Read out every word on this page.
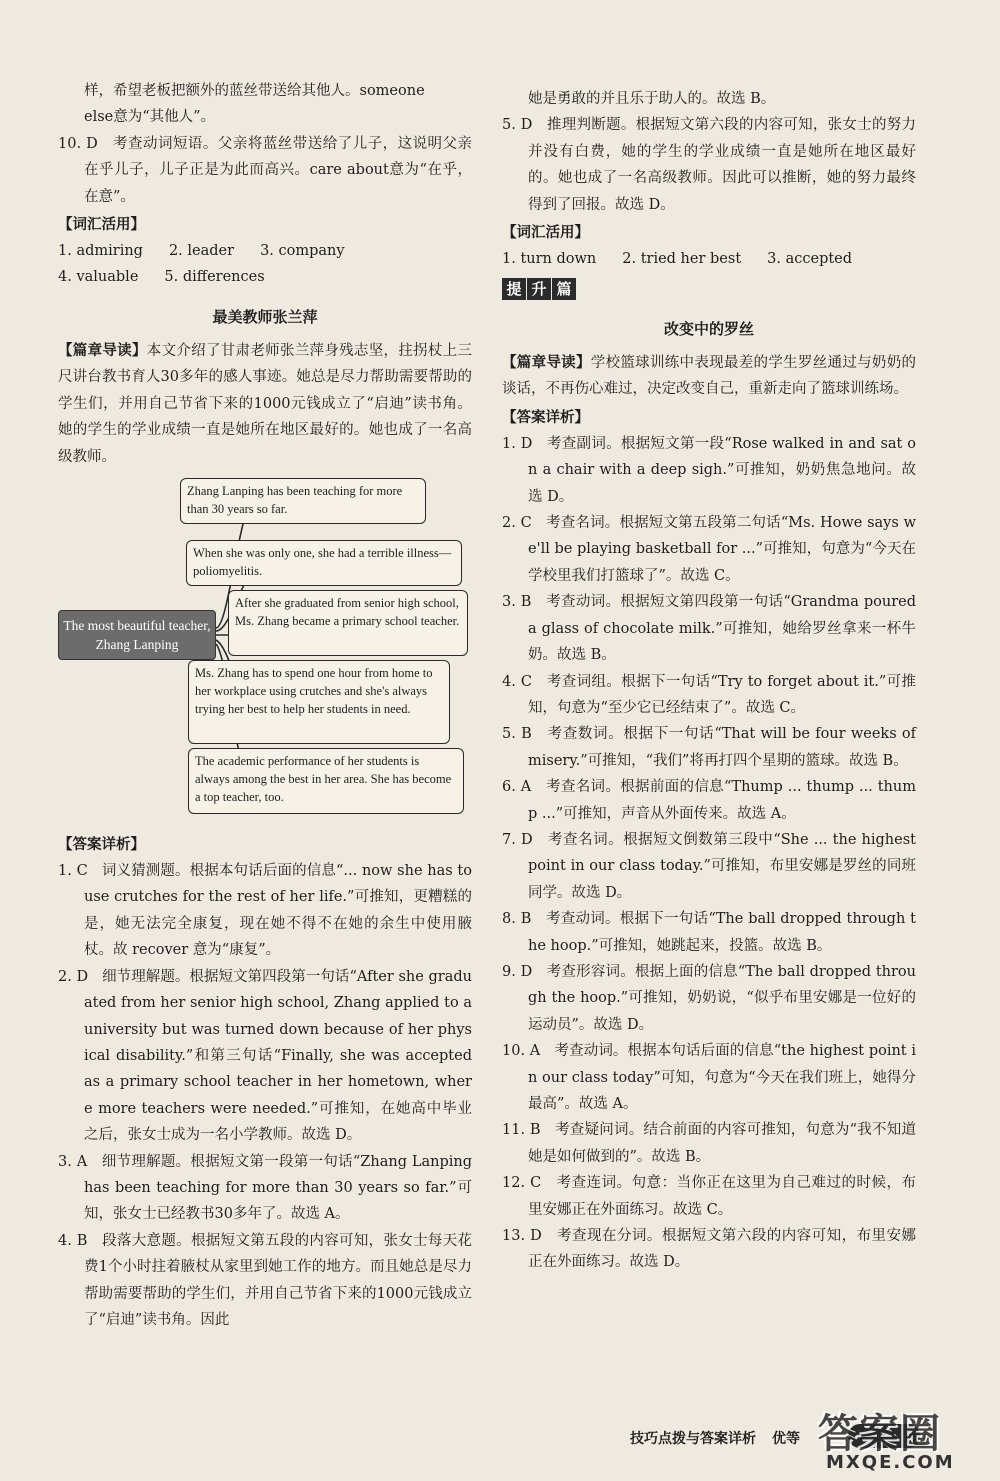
样，希望老板把额外的蓝丝带送给其他人。someone

else意为“其他人”。

10. D 考查动词短语。父亲将蓝丝带送给了儿子，这说明父亲在乎儿子，儿子正是为此而高兴。care about意为“在乎，在意”。

【词汇活用】

1. admiring 2. leader 3. company
4. valuable 5. differences
最美教师张兰萍

【篇章导读】本文介绍了甘肃老师张兰萍身残志坚，拄拐杖上三尺讲台教书育人30多年的感人事迹。她总是尽力帮助需要帮助的学生们，并用自己节省下来的1000元钱成立了“启迪”读书角。她的学生的学业成绩一直是她所在地区最好的。她也成了一名高级教师。

The most beautiful teacher, Zhang Lanping
Zhang Lanping has been teaching for more than 30 years so far.
When she was only one, she had a terrible illness— poliomyelitis.
After she graduated from senior high school, Ms. Zhang became a primary school teacher.
Ms. Zhang has to spend one hour from home to her workplace using crutches and she's always trying her best to help her students in need.
The academic performance of her students is always among the best in her area. She has become a top teacher, too.

【答案详析】

1. C 词义猜测题。根据本句话后面的信息“... now she has to use crutches for the rest of her life.”可推知，更糟糕的是，她无法完全康复，现在她不得不在她的余生中使用腋杖。故 recover 意为“康复”。

2. D 细节理解题。根据短文第四段第一句话“After she graduated from her senior high school, Zhang applied to a university but was turned down because of her physical disability.”和第三句话“Finally, she was accepted as a primary school teacher in her hometown, where more teachers were needed.”可推知，在她高中毕业之后，张女士成为一名小学教师。故选 D。

3. A 细节理解题。根据短文第一段第一句话“Zhang Lanping has been teaching for more than 30 years so far.”可知，张女士已经教书30多年了。故选 A。

4. B 段落大意题。根据短文第五段的内容可知，张女士每天花费1个小时拄着腋杖从家里到她工作的地方。而且她总是尽力帮助需要帮助的学生们，并用自己节省下来的1000元钱成立了“启迪”读书角。因此

她是勇敢的并且乐于助人的。故选 B。

5. D 推理判断题。根据短文第六段的内容可知，张女士的努力并没有白费，她的学生的学业成绩一直是她所在地区最好的。她也成了一名高级教师。因此可以推断，她的努力最终得到了回报。故选 D。

【词汇活用】

1. turn down 2. tried her best 3. accepted
提 升 篇
改变中的罗丝

【篇章导读】学校篮球训练中表现最差的学生罗丝通过与奶奶的谈话，不再伤心难过，决定改变自己，重新走向了篮球训练场。

【答案详析】

1. D 考查副词。根据短文第一段“Rose walked in and sat on a chair with a deep sigh.”可推知，奶奶焦急地问。故选 D。

2. C 考查名词。根据短文第五段第二句话“Ms. Howe says we'll be playing basketball for ...”可推知，句意为“今天在学校里我们打篮球了”。故选 C。

3. B 考查动词。根据短文第四段第一句话“Grandma poured a glass of chocolate milk.”可推知，她给罗丝拿来一杯牛奶。故选 B。

4. C 考查词组。根据下一句话“Try to forget about it.”可推知，句意为“至少它已经结束了”。故选 C。

5. B 考查数词。根据下一句话“That will be four weeks of misery.”可推知，“我们”将再打四个星期的篮球。故选 B。

6. A 考查名词。根据前面的信息“Thump ... thump ... thump ...”可推知，声音从外面传来。故选 A。

7. D 考查名词。根据短文倒数第三段中“She ... the highest point in our class today.”可推知，布里安娜是罗丝的同班同学。故选 D。

8. B 考查动词。根据下一句话“The ball dropped through the hoop.”可推知，她跳起来，投篮。故选 B。

9. D 考查形容词。根据上面的信息“The ball dropped through the hoop.”可推知，奶奶说，“似乎布里安娜是一位好的运动员”。故选 D。

10. A 考查动词。根据本句话后面的信息“the highest point in our class today”可知，句意为“今天在我们班上，她得分最高”。故选 A。

11. B 考查疑问词。结合前面的内容可推知，句意为“我不知道她是如何做到的”。故选 B。

12. C 考查连词。句意：当你正在这里为自己难过的时候，布里安娜正在外面练习。故选 C。

13. D 考查现在分词。根据短文第六段的内容可知，布里安娜正在外面练习。故选 D。

技巧点拨与答案详析 优等 答案圈
MXQE.COM
